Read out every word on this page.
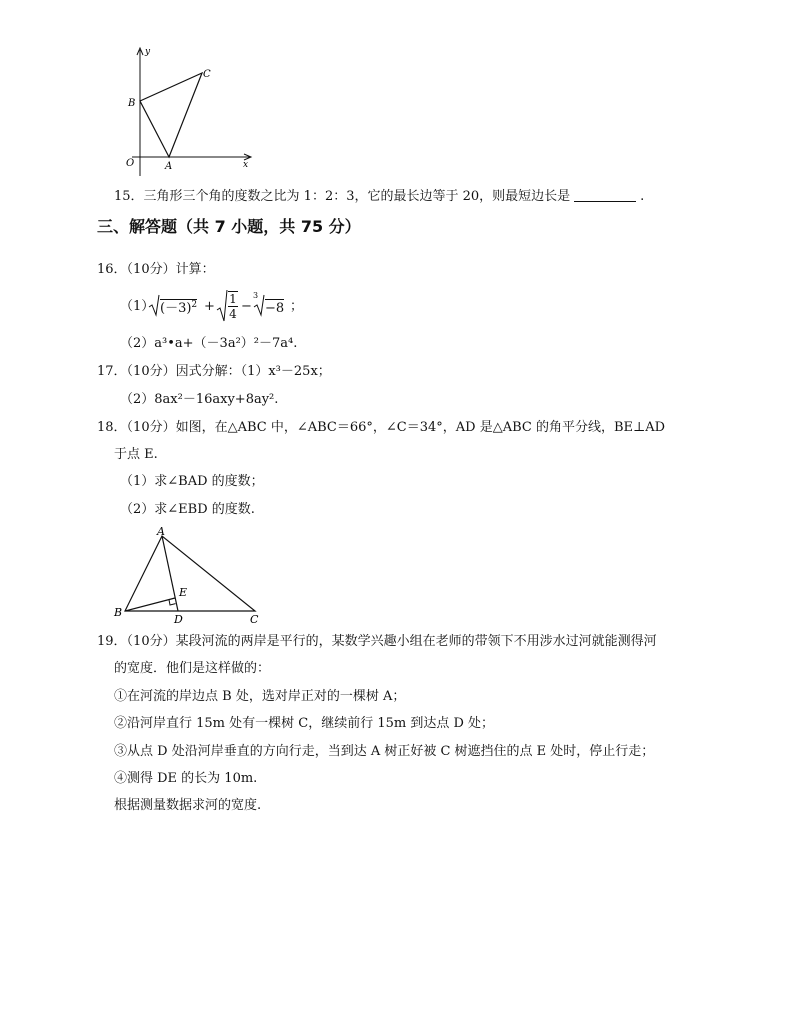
y
x
O	A
B
C
15．三角形三个角的度数之比为 1：2：3，它的最长边等于 20，则最短边长是	.
三、解答题（共 7 小题，共 75 分）
16．（10分）计算：
（1） $(-3)^2 + 1$
4 −
3
−8 ；
（2）a³•a+（－3a²）²－7a⁴.
17．（10分）因式分解：（1）x³－25x；
（2）8ax²－16axy+8ay².
18．（10分）如图，在△ABC 中，∠ABC＝66°，∠C＝34°，AD 是△ABC 的角平分线，BE⊥AD
于点 E.
（1）求∠BAD 的度数；
（2）求∠EBD 的度数.
A
B
C
D
E
19．（10分）某段河流的两岸是平行的，某数学兴趣小组在老师的带领下不用涉水过河就能测得河
的宽度．他们是这样做的：
①在河流的岸边点 B 处，选对岸正对的一棵树 A；
②沿河岸直行 15m 处有一棵树 C，继续前行 15m 到达点 D 处；
③从点 D 处沿河岸垂直的方向行走，当到达 A 树正好被 C 树遮挡住的点 E 处时，停止行走；
④测得 DE 的长为 10m.
根据测量数据求河的宽度.
